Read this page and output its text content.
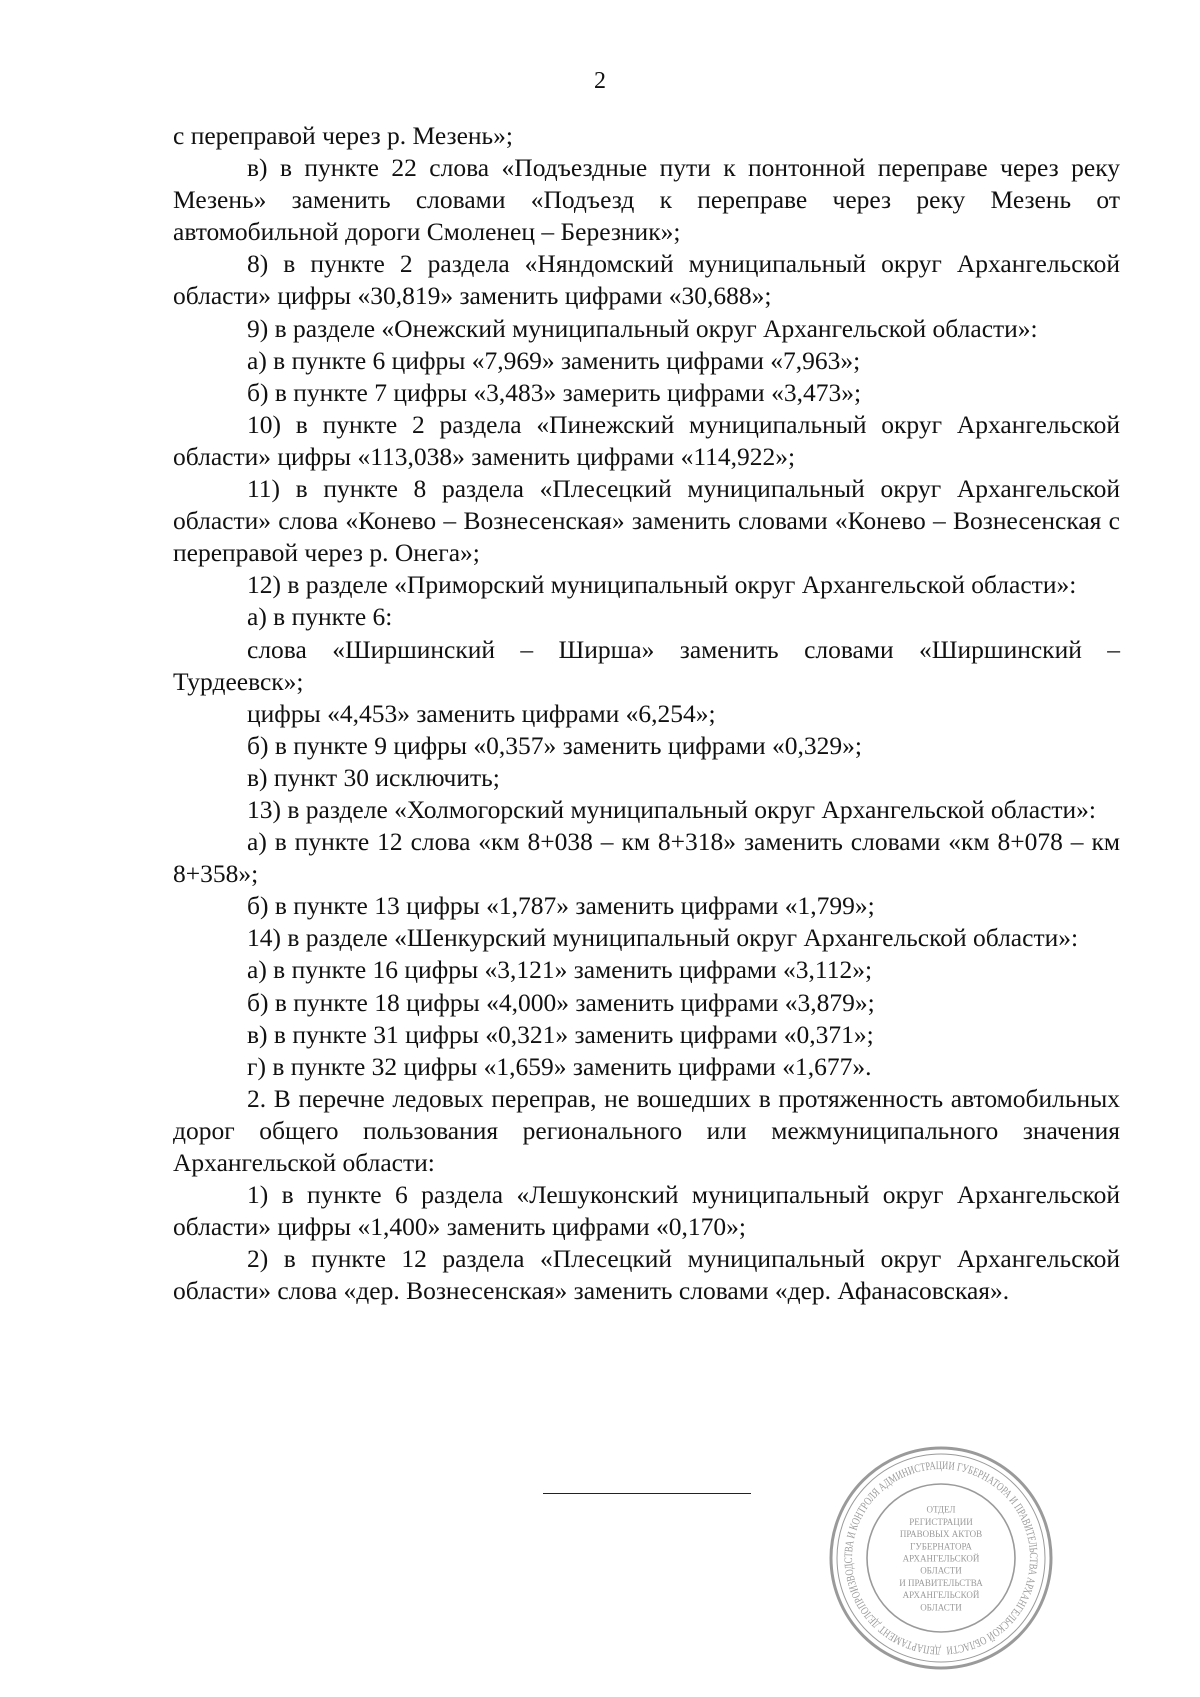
2

с переправой через р. Мезень»;

в) в пункте 22 слова «Подъездные пути к понтонной переправе через реку Мезень» заменить словами «Подъезд к переправе через реку Мезень от автомобильной дороги Смоленец – Березник»;

8) в пункте 2 раздела «Няндомский муниципальный округ Архангельской области» цифры «30,819» заменить цифрами «30,688»;

9) в разделе «Онежский муниципальный округ Архангельской области»:

а) в пункте 6 цифры «7,969» заменить цифрами «7,963»;

б) в пункте 7 цифры «3,483» замерить цифрами «3,473»;

10) в пункте 2 раздела «Пинежский муниципальный округ Архангельской области» цифры «113,038» заменить цифрами «114,922»;

11) в пункте 8 раздела «Плесецкий муниципальный округ Архангельской области» слова «Конево – Вознесенская» заменить словами «Конево – Вознесенская с переправой через р. Онега»;

12) в разделе «Приморский муниципальный округ Архангельской области»:

а) в пункте 6:

слова «Ширшинский – Ширша» заменить словами «Ширшинский – Турдеевск»;

цифры «4,453» заменить цифрами «6,254»;

б) в пункте 9 цифры «0,357» заменить цифрами «0,329»;

в) пункт 30 исключить;

13) в разделе «Холмогорский муниципальный округ Архангельской области»:

а) в пункте 12 слова «км 8+038 – км 8+318» заменить словами «км 8+078 – км 8+358»;

б) в пункте 13 цифры «1,787» заменить цифрами «1,799»;

14) в разделе «Шенкурский муниципальный округ Архангельской области»:

а) в пункте 16 цифры «3,121» заменить цифрами «3,112»;

б) в пункте 18 цифры «4,000» заменить цифрами «3,879»;

в) в пункте 31 цифры «0,321» заменить цифрами «0,371»;

г) в пункте 32 цифры «1,659» заменить цифрами «1,677».

2. В перечне ледовых переправ, не вошедших в протяженность автомобильных дорог общего пользования регионального или межмуниципального значения Архангельской области:

1) в пункте 6 раздела «Лешуконский муниципальный округ Архангельской области» цифры «1,400» заменить цифрами «0,170»;

2) в пункте 12 раздела «Плесецкий муниципальный округ Архангельской области» слова «дер. Вознесенская» заменить словами «дер. Афанасовская».

ДЕПАРТАМЕНТ ДЕЛОПРОИЗВОДСТВА И КОНТРОЛЯ АДМИНИСТРАЦИИ ГУБЕРНАТОРА И ПРАВИТЕЛЬСТВА АРХАНГЕЛЬСКОЙ ОБЛАСТИ
ОТДЕЛ
РЕГИСТРАЦИИ
ПРАВОВЫХ АКТОВ
ГУБЕРНАТОРА
АРХАНГЕЛЬСКОЙ
ОБЛАСТИ
И ПРАВИТЕЛЬСТВА
АРХАНГЕЛЬСКОЙ
ОБЛАСТИ
